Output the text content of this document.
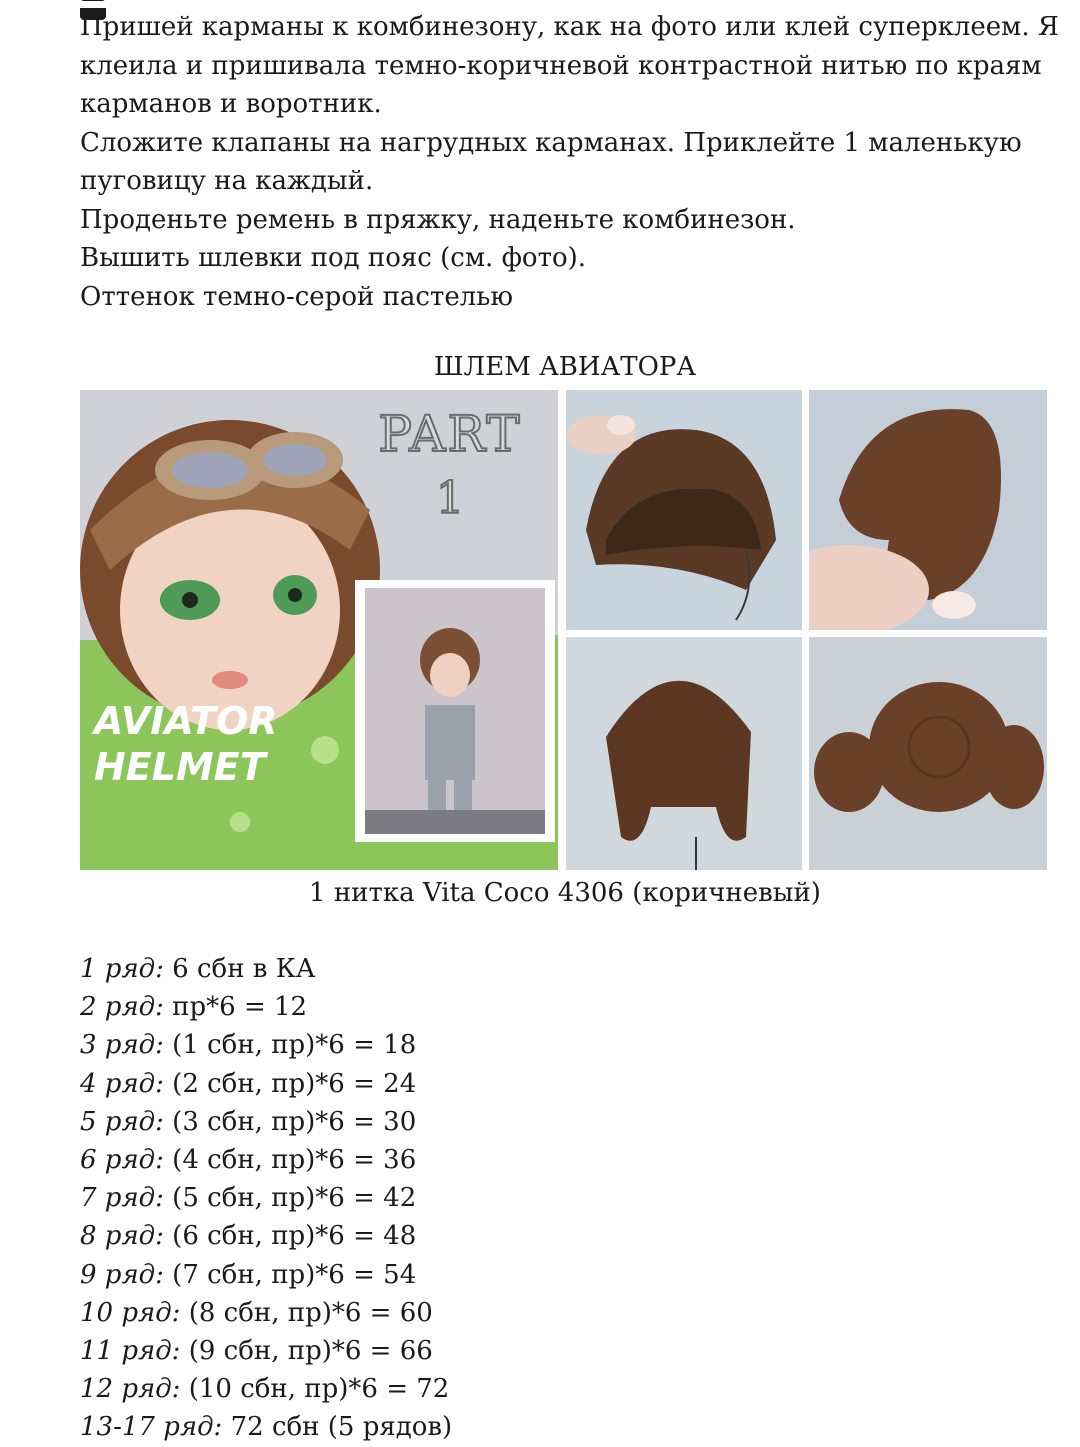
Пришей карманы к комбинезону, как на фото или клей суперклеем. Я клеила и пришивала темно-коричневой контрастной нитью по краям карманов и воротник.

Сложите клапаны на нагрудных карманах. Приклейте 1 маленькую пуговицу на каждый.

Проденьте ремень в пряжку, наденьте комбинезон.

Вышить шлевки под пояс (см. фото).

Оттенок темно-серой пастелью

ШЛЕМ АВИАТОРА
PART
1
AVIATOR
HELMET
1 нитка Vita Coco 4306 (коричневый)

1 ряд: 6 сбн в КА

2 ряд: пр*6 = 12

3 ряд: (1 сбн, пр)*6 = 18

4 ряд: (2 сбн, пр)*6 = 24

5 ряд: (3 сбн, пр)*6 = 30

6 ряд: (4 сбн, пр)*6 = 36

7 ряд: (5 сбн, пр)*6 = 42

8 ряд: (6 сбн, пр)*6 = 48

9 ряд: (7 сбн, пр)*6 = 54

10 ряд: (8 сбн, пр)*6 = 60

11 ряд: (9 сбн, пр)*6 = 66

12 ряд: (10 сбн, пр)*6 = 72

13-17 ряд: 72 сбн (5 рядов)
